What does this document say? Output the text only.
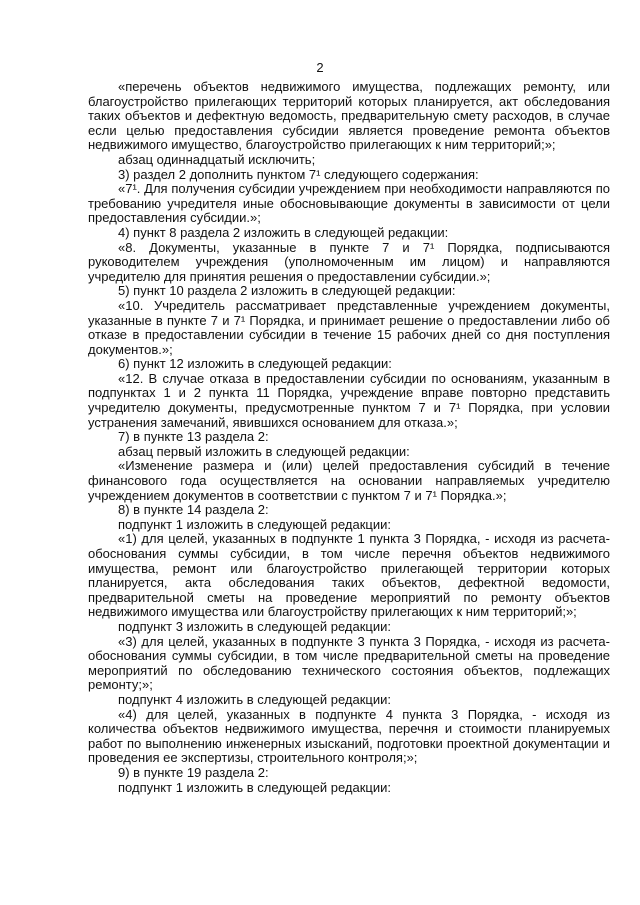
2

«перечень объектов недвижимого имущества, подлежащих ремонту, или благоустройство прилегающих территорий которых планируется, акт обследования таких объектов и дефектную ведомость, предварительную смету расходов, в случае если целью предоставления субсидии является проведение ремонта объектов недвижимого имущество, благоустройство прилегающих к ним территорий;»;

абзац одиннадцатый исключить;

3) раздел 2 дополнить пунктом 7¹ следующего содержания:

«7¹. Для получения субсидии учреждением при необходимости направляются по требованию учредителя иные обосновывающие документы в зависимости от цели предоставления субсидии.»;

4) пункт 8 раздела 2 изложить в следующей редакции:

«8. Документы, указанные в пункте 7 и 7¹ Порядка, подписываются руководителем учреждения (уполномоченным им лицом) и направляются учредителю для принятия решения о предоставлении субсидии.»;

5) пункт 10 раздела 2 изложить в следующей редакции:

«10. Учредитель рассматривает представленные учреждением документы, указанные в пункте 7 и 7¹ Порядка, и принимает решение о предоставлении либо об отказе в предоставлении субсидии в течение 15 рабочих дней со дня поступления документов.»;

6) пункт 12 изложить в следующей редакции:

«12. В случае отказа в предоставлении субсидии по основаниям, указанным в подпунктах 1 и 2 пункта 11 Порядка, учреждение вправе повторно представить учредителю документы, предусмотренные пунктом 7 и 7¹ Порядка, при условии устранения замечаний, явившихся основанием для отказа.»;

7) в пункте 13 раздела 2:

абзац первый изложить в следующей редакции:

«Изменение размера и (или) целей предоставления субсидий в течение финансового года осуществляется на основании направляемых учредителю учреждением документов в соответствии с пунктом 7 и 7¹ Порядка.»;

8) в пункте 14 раздела 2:

подпункт 1 изложить в следующей редакции:

«1) для целей, указанных в подпункте 1 пункта 3 Порядка, - исходя из расчета-обоснования суммы субсидии, в том числе перечня объектов недвижимого имущества, ремонт или благоустройство прилегающей территории которых планируется, акта обследования таких объектов, дефектной ведомости, предварительной сметы на проведение мероприятий по ремонту объектов недвижимого имущества или благоустройству прилегающих к ним территорий;»;

подпункт 3 изложить в следующей редакции:

«3) для целей, указанных в подпункте 3 пункта 3 Порядка, - исходя из расчета-обоснования суммы субсидии, в том числе предварительной сметы на проведение мероприятий по обследованию технического состояния объектов, подлежащих ремонту;»;

подпункт 4 изложить в следующей редакции:

«4) для целей, указанных в подпункте 4 пункта 3 Порядка, - исходя из количества объектов недвижимого имущества, перечня и стоимости планируемых работ по выполнению инженерных изысканий, подготовки проектной документации и проведения ее экспертизы, строительного контроля;»;

9) в пункте 19 раздела 2:

подпункт 1 изложить в следующей редакции:
